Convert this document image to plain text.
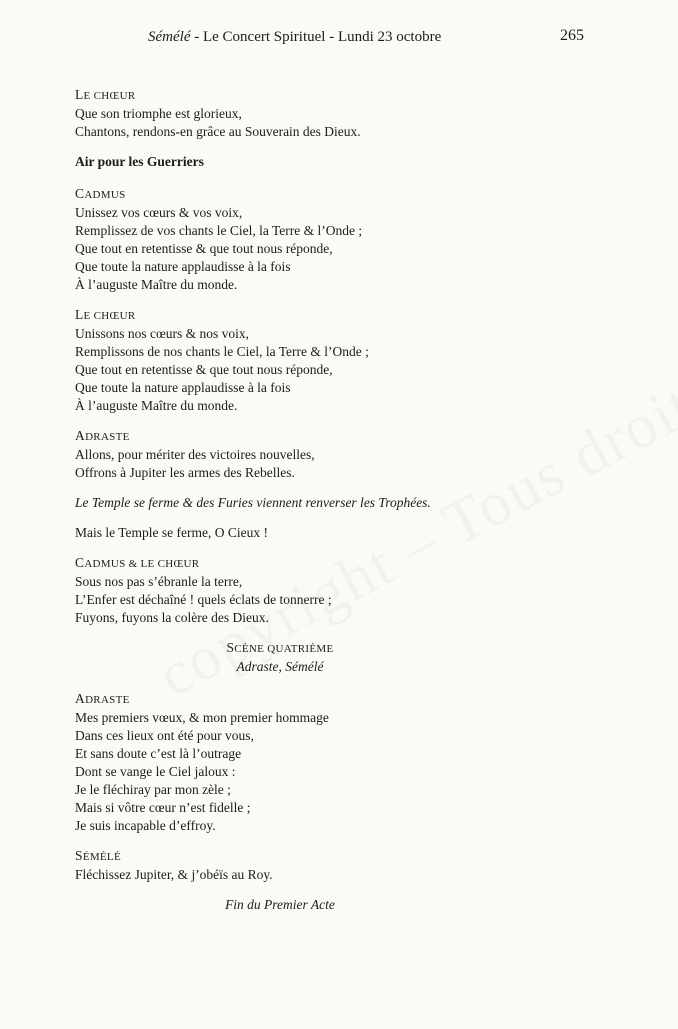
Sémélé - Le Concert Spirituel - Lundi 23 octobre	265
LE CHŒUR
Que son triomphe est glorieux,
Chantons, rendons-en grâce au Souverain des Dieux.
Air pour les Guerriers
CADMUS
Unissez vos cœurs & vos voix,
Remplissez de vos chants le Ciel, la Terre & l’Onde ;
Que tout en retentisse & que tout nous réponde,
Que toute la nature applaudisse à la fois
À l’auguste Maître du monde.
LE CHŒUR
Unissons nos cœurs & nos voix,
Remplissons de nos chants le Ciel, la Terre & l’Onde ;
Que tout en retentisse & que tout nous réponde,
Que toute la nature applaudisse à la fois
À l’auguste Maître du monde.
ADRASTE
Allons, pour mériter des victoires nouvelles,
Offrons à Jupiter les armes des Rebelles.
Le Temple se ferme & des Furies viennent renverser les Trophées.
Mais le Temple se ferme, O Cieux !
CADMUS & LE CHŒUR
Sous nos pas s’ébranle la terre,
L’Enfer est déchaîné ! quels éclats de tonnerre ;
Fuyons, fuyons la colère des Dieux.
SCÈNE QUATRIÈME
Adraste, Sémélé
ADRASTE
Mes premiers vœux, & mon premier hommage
Dans ces lieux ont été pour vous,
Et sans doute c’est là l’outrage
Dont se vange le Ciel jaloux :
Je le fléchiray par mon zèle ;
Mais si vôtre cœur n’est fidelle ;
Je suis incapable d’effroy.
SÉMÉLÉ
Fléchissez Jupiter, & j’obéïs au Roy.
Fin du Premier Acte
